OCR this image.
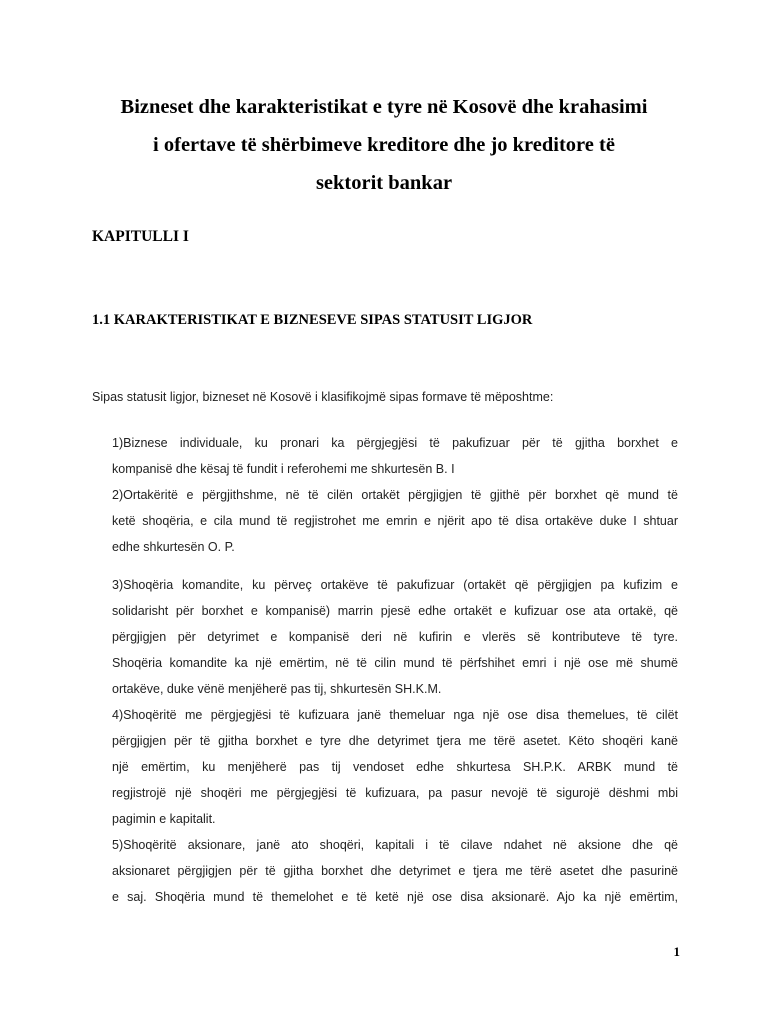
Bizneset dhe karakteristikat e tyre në Kosovë dhe krahasimi
i ofertave të shërbimeve kreditore dhe jo kreditore të
sektorit bankar
KAPITULLI I
1.1 KARAKTERISTIKAT E BIZNESEVE SIPAS STATUSIT LIGJOR
Sipas statusit ligjor, bizneset në Kosovë i klasifikojmë sipas formave të mëposhtme:
1)Biznese individuale, ku pronari ka përgjegjësi të pakufizuar për të gjitha borxhet e
kompanisë dhe kësaj të fundit i referohemi me shkurtesën B. I
2)Ortakëritë e përgjithshme, në të cilën ortakët përgjigjen të gjithë për borxhet që mund të
ketë shoqëria, e cila mund të regjistrohet me emrin e njërit apo të disa ortakëve duke I shtuar
edhe shkurtesën O. P.
3)Shoqëria komandite, ku përveç ortakëve të pakufizuar (ortakët që përgjigjen pa kufizim e
solidarisht për borxhet e kompanisë) marrin pjesë edhe ortakët e kufizuar ose ata ortakë, që
përgjigjen për detyrimet e kompanisë deri në kufirin e vlerës së kontributeve të tyre.
Shoqëria komandite ka një emërtim, në të cilin mund të përfshihet emri i një ose më shumë
ortakëve, duke vënë menjëherë pas tij, shkurtesën SH.K.M.
4)Shoqëritë me përgjegjësi të kufizuara janë themeluar nga një ose disa themelues, të cilët
përgjigjen për të gjitha borxhet e tyre dhe detyrimet tjera me tërë asetet. Këto shoqëri kanë
një emërtim, ku menjëherë pas tij vendoset edhe shkurtesa SH.P.K. ARBK mund të
regjistrojë një shoqëri me përgjegjësi të kufizuara, pa pasur nevojë të sigurojë dëshmi mbi
pagimin e kapitalit.
5)Shoqëritë aksionare, janë ato shoqëri, kapitali i të cilave ndahet në aksione dhe që
aksionaret përgjigjen për të gjitha borxhet dhe detyrimet e tjera me tërë asetet dhe pasurinë
e saj. Shoqëria mund të themelohet e të ketë një ose disa aksionarë. Ajo ka një emërtim,
1
